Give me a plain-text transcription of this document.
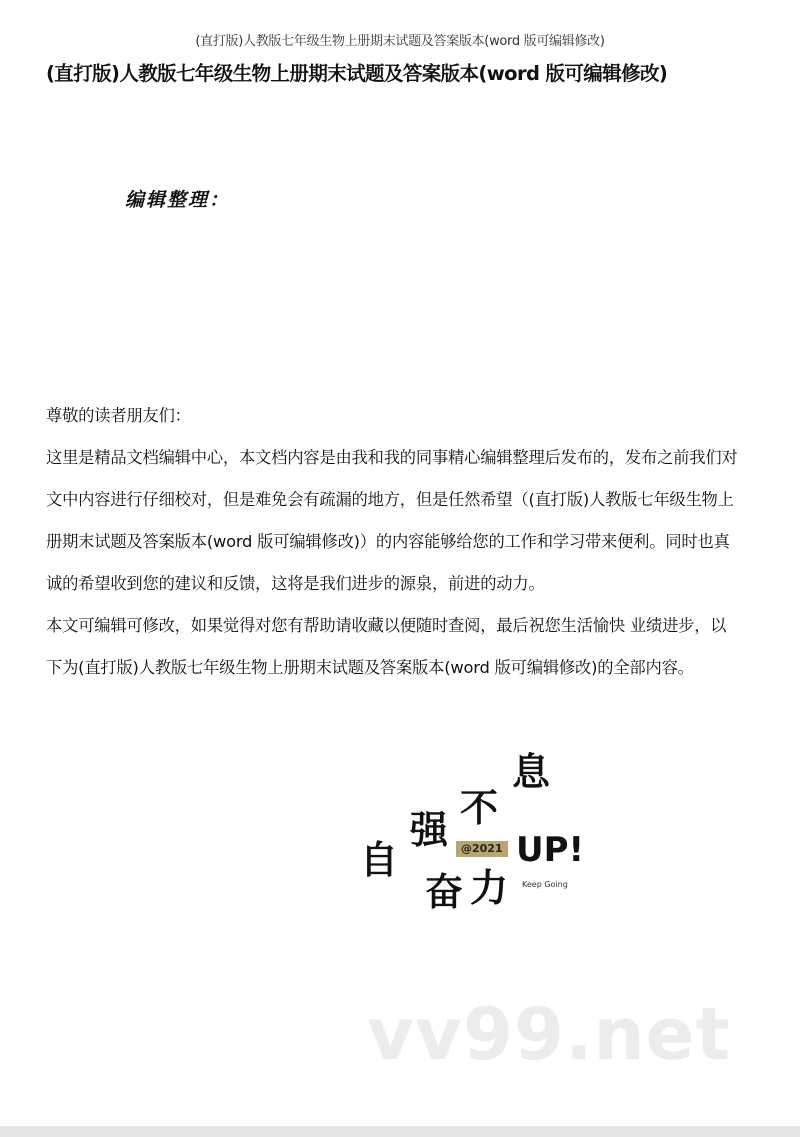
(直打版)人教版七年级生物上册期末试题及答案版本(word 版可编辑修改)
(直打版)人教版七年级生物上册期末试题及答案版本(word 版可编辑修改)
编辑整理：
尊敬的读者朋友们：
这里是精品文档编辑中心，本文档内容是由我和我的同事精心编辑整理后发布的，发布之前我们对
文中内容进行仔细校对，但是难免会有疏漏的地方，但是任然希望（(直打版)人教版七年级生物上
册期末试题及答案版本(word 版可编辑修改)）的内容能够给您的工作和学习带来便利。同时也真
诚的希望收到您的建议和反馈，这将是我们进步的源泉，前进的动力。
本文可编辑可修改，如果觉得对您有帮助请收藏以便随时查阅，最后祝您生活愉快 业绩进步，以
下为(直打版)人教版七年级生物上册期末试题及答案版本(word 版可编辑修改)的全部内容。
自
强 不
息
奋 力
UP!
@2021
Keep Going
vv99.net
